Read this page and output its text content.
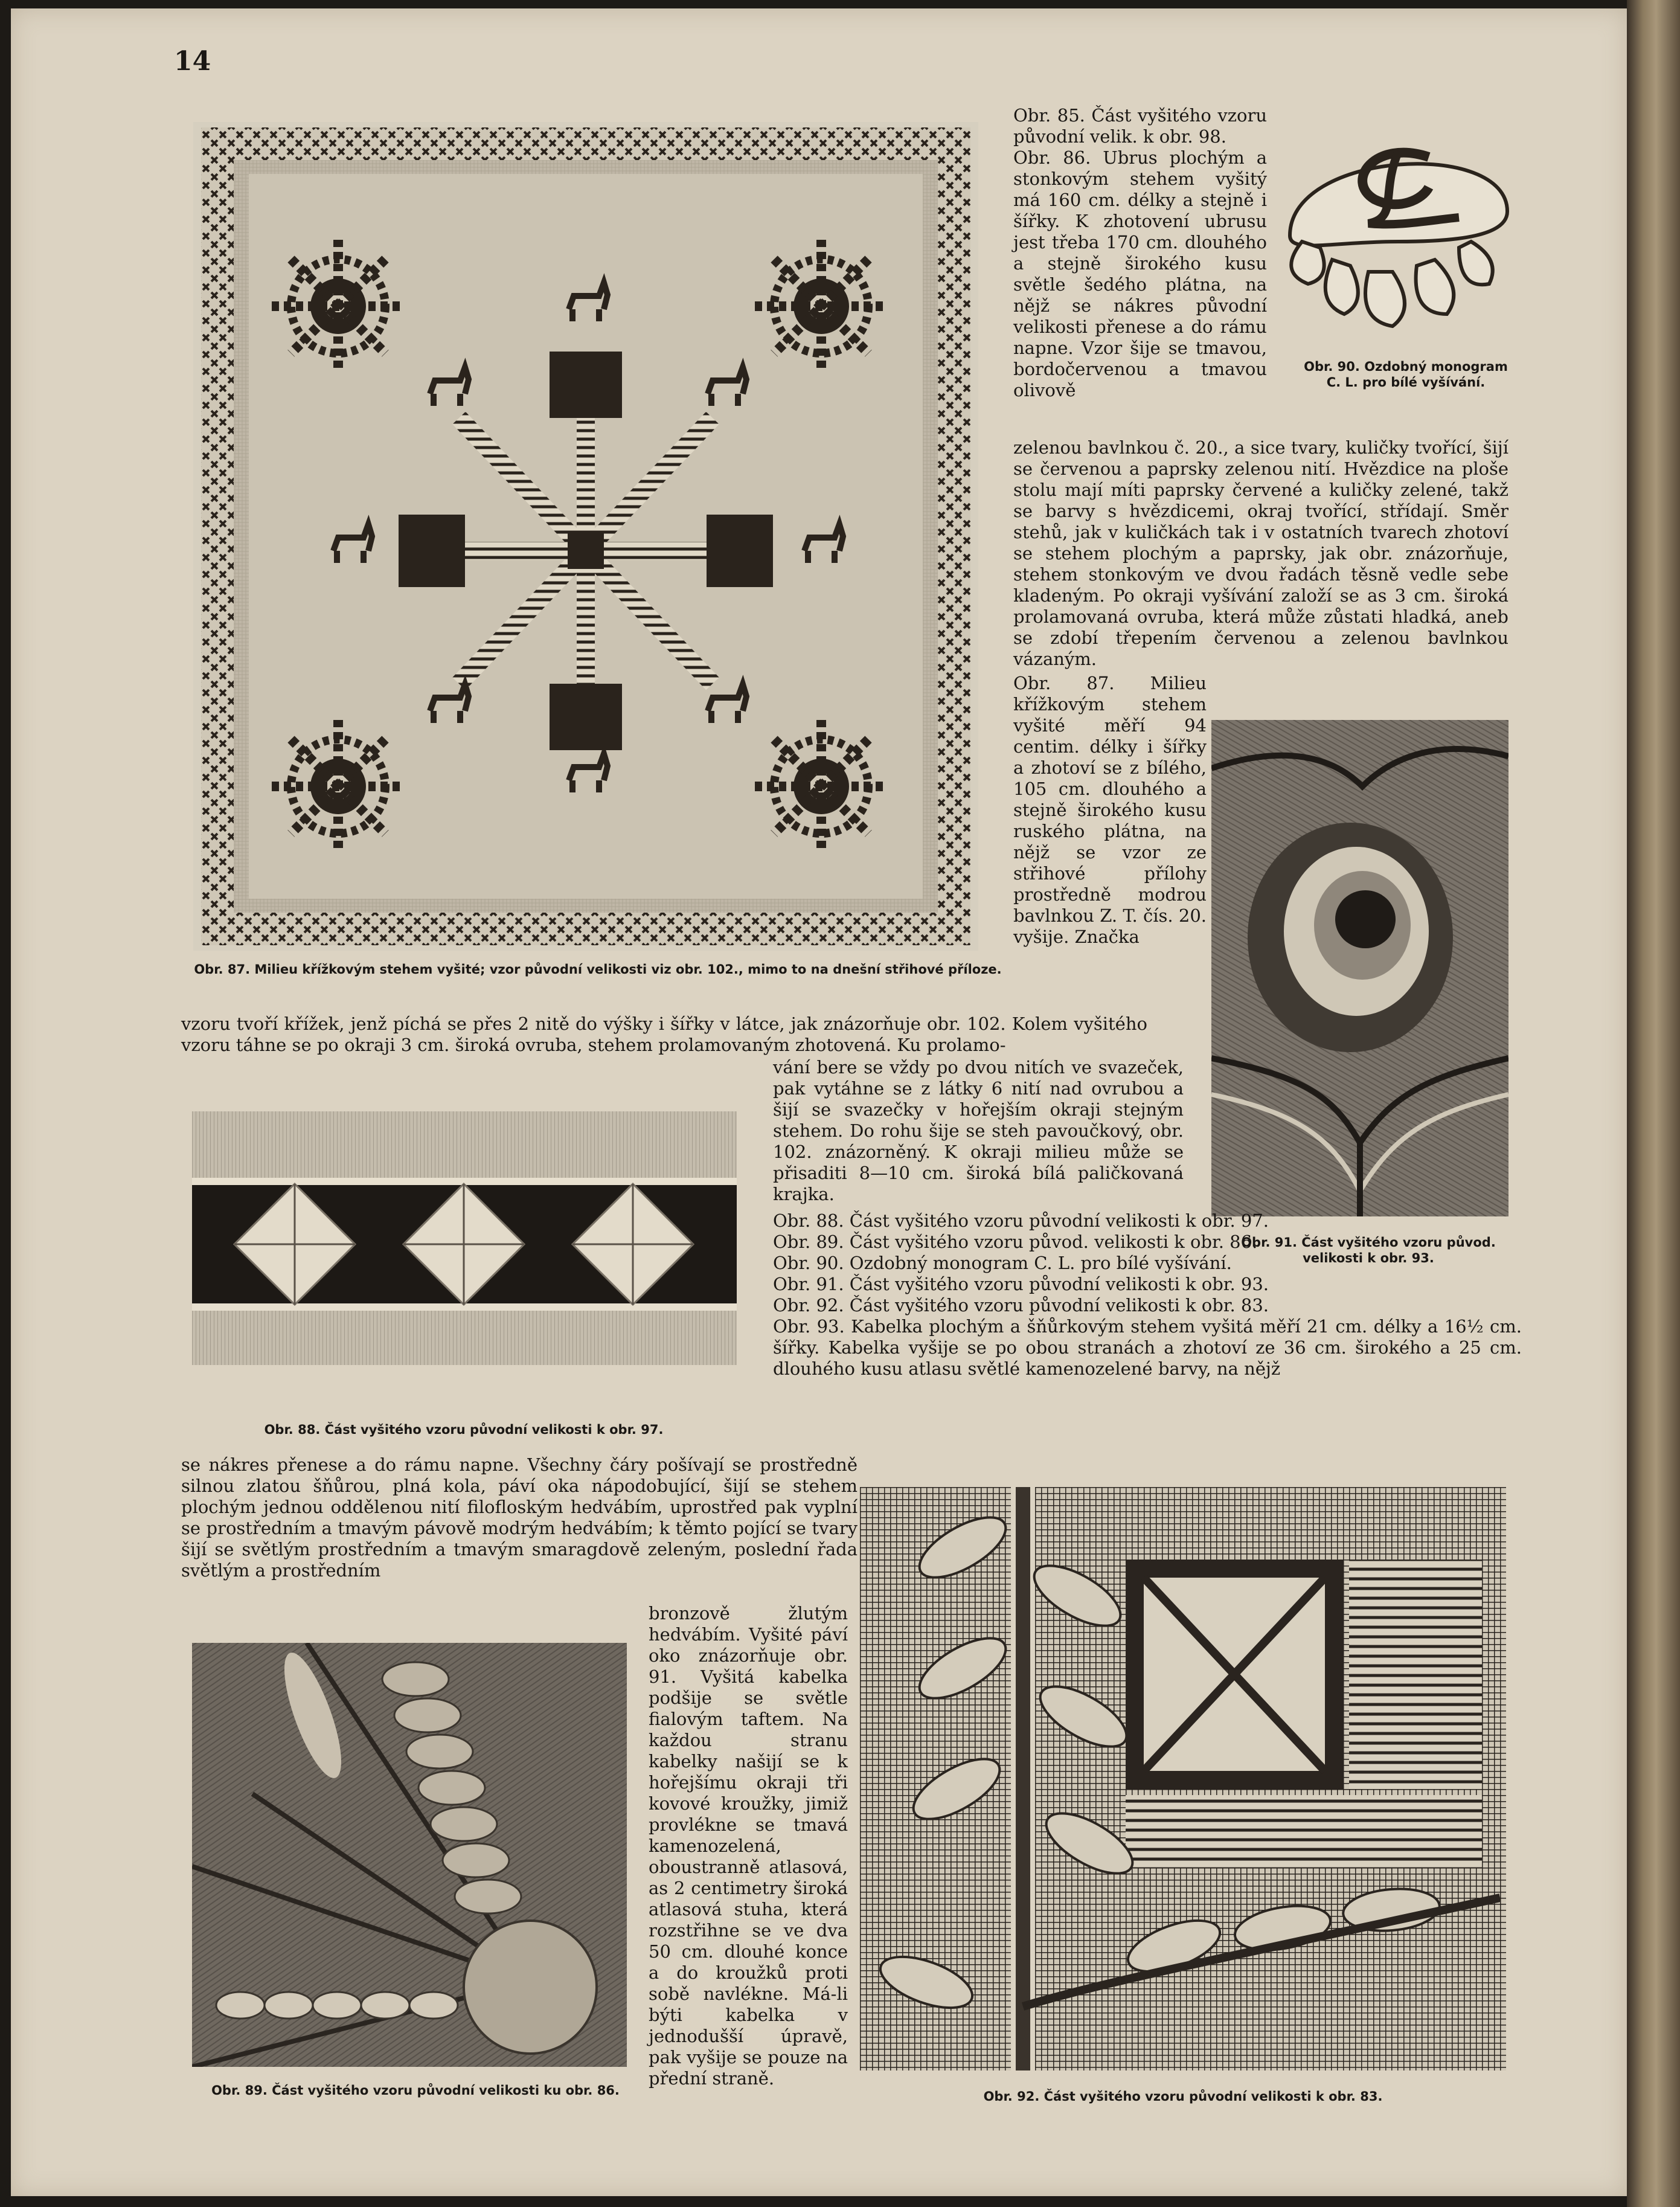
14
Obr. 87. Milieu křížkovým stehem vyšité; vzor původní velikosti viz obr. 102., mimo to na dnešní střihové příloze.
Obr. 90. Ozdobný monogram C. L. pro bílé vyšívání.

Obr. 85. Část vyšitého vzoru původní velik. k obr. 98.

Obr. 86. Ubrus plochým a stonkovým stehem vyšitý má 160 cm. délky a stejně i šířky. K zhotovení ubrusu jest třeba 170 cm. dlouhého a stejně širokého kusu světle šedého plátna, na nějž se nákres původní velikosti přenese a do rámu napne. Vzor šije se tmavou, bordočervenou a tmavou olivově

zelenou bavlnkou č. 20., a sice tvary, kuličky tvořící, šijí se červenou a paprsky zelenou nití. Hvězdice na ploše stolu mají míti paprsky červené a kuličky zelené, takž se barvy s hvězdicemi, okraj tvořící, střídají. Směr stehů, jak v kuličkách tak i v ostatních tvarech zhotoví se stehem plochým a paprsky, jak obr. znázorňuje, stehem stonkovým ve dvou řadách těsně vedle sebe kladeným. Po okraji vyšívání založí se as 3 cm. široká prolamovaná ovruba, která může zůstati hladká, aneb se zdobí třepením červenou a zelenou bavlnkou vázaným.
Obr. 87. Milieu křížkovým stehem vyšité měří 94 centim. délky i šířky a zhotoví se z bílého, 105 cm. dlouhého a stejně širokého kusu ruského plátna, na nějž se vzor ze střihové přílohy prostředně modrou bavlnkou Z. T. čís. 20. vyšije. Značka
Obr. 91. Část vyšitého vzoru původ. velikosti k obr. 93.
vzoru tvoří křížek, jenž píchá se přes 2 nitě do výšky i šířky v látce, jak znázorňuje obr. 102. Kolem vyšitého vzoru táhne se po okraji 3 cm. široká ovruba, stehem prolamovaným zhotovená. Ku prolamo-
Obr. 88. Část vyšitého vzoru původní velikosti k obr. 97.
vání bere se vždy po dvou nitích ve svazeček, pak vytáhne se z látky 6 nití nad ovrubou a šijí se svazečky v hořejším okraji stejným stehem. Do rohu šije se steh pavoučkový, obr. 102. znázorněný. K okraji milieu může se přisaditi 8—10 cm. široká bílá paličkovaná krajka.

Obr. 88. Část vyšitého vzoru původní velikosti k obr. 97.

Obr. 89. Část vyšitého vzoru původ. velikosti k obr. 86.

Obr. 90. Ozdobný monogram C. L. pro bílé vyšívání.

Obr. 91. Část vyšitého vzoru původní velikosti k obr. 93.

Obr. 92. Část vyšitého vzoru původní velikosti k obr. 83.

Obr. 93. Kabelka plochým a šňůrkovým stehem vyšitá měří 21 cm. délky a 16½ cm. šířky. Kabelka vyšije se po obou stranách a zhotoví ze 36 cm. širokého a 25 cm. dlouhého kusu atlasu světlé kamenozelené barvy, na nějž

se nákres přenese a do rámu napne. Všechny čáry pošívají se prostředně silnou zlatou šňůrou, plná kola, páví oka nápodobující, šijí se stehem plochým jednou oddělenou nití filofloským hedvábím, uprostřed pak vyplní se prostředním a tmavým pávově modrým hedvábím; k těmto pojící se tvary šijí se světlým prostředním a tmavým smaragdově zeleným, poslední řada světlým a prostředním
Obr. 89. Část vyšitého vzoru původní velikosti ku obr. 86.
bronzově žlutým hedvábím. Vyšité páví oko znázorňuje obr. 91. Vyšitá kabelka podšije se světle fialovým taftem. Na každou stranu kabelky našijí se k hořejšímu okraji tři kovové kroužky, jimiž provlékne se tmavá kamenozelená, oboustranně atlasová, as 2 centimetry široká atlasová stuha, která rozstřihne se ve dva 50 cm. dlouhé konce a do kroužků proti sobě navlékne. Má-li býti kabelka v jednodušší úpravě, pak vyšije se pouze na přední straně.
Obr. 92. Část vyšitého vzoru původní velikosti k obr. 83.
